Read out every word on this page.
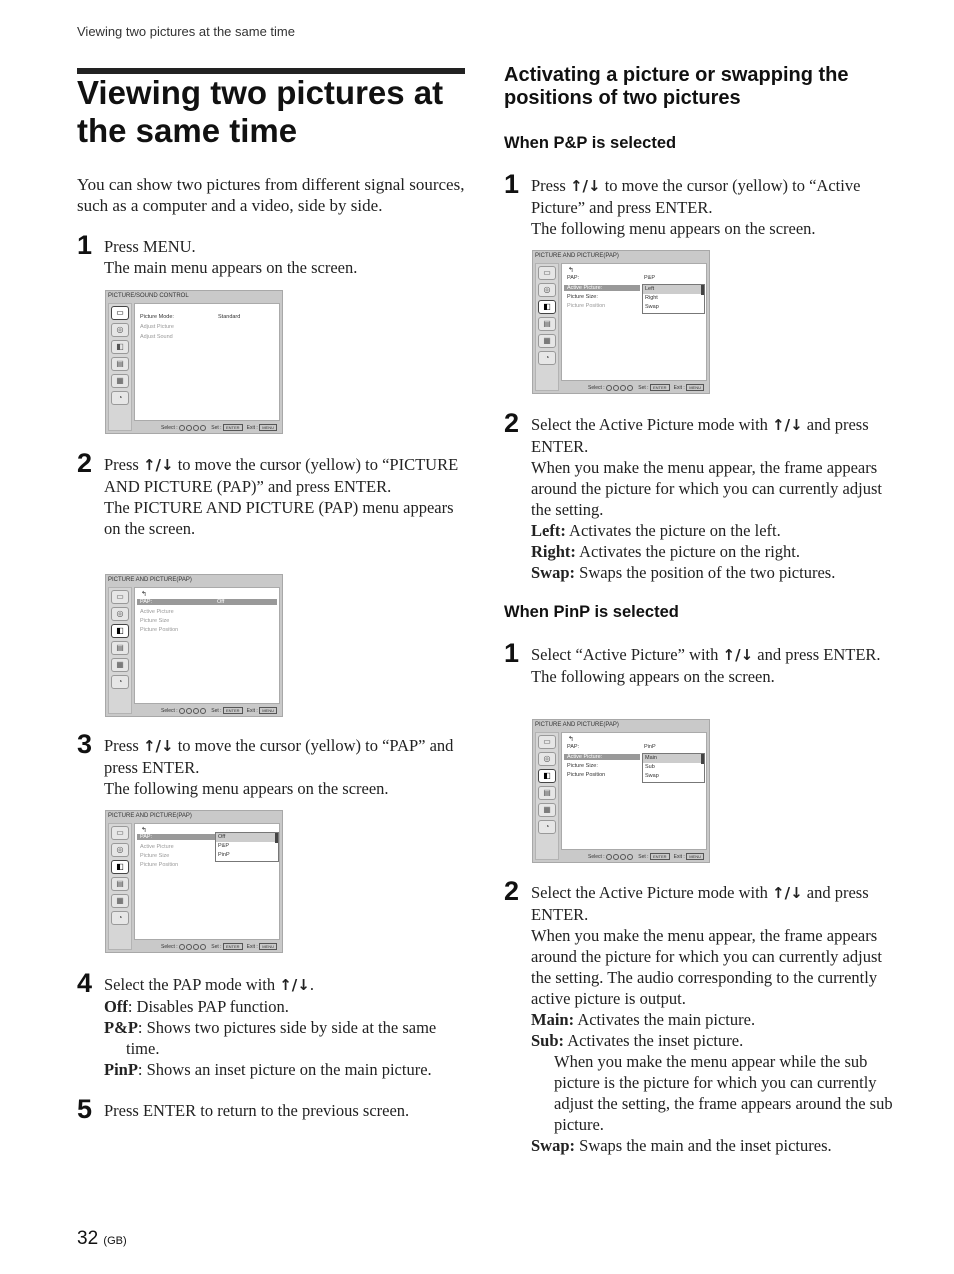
Viewing two pictures at the same time
Viewing two pictures at the same time

You can show two pictures from different signal sources, such as a computer and a video, side by side.

1 Press MENU.

The main menu appears on the screen.

PICTURE/SOUND CONTROL
▭
◎
◧
▤
▦
◔
Picture Mode:	Standard
Adjust Picture
Adjust Sound
Select :	Set : ENTER Exit : MENU
2 Press ↑/↓ to move the cursor (yellow) to “PICTURE AND PICTURE (PAP)” and press ENTER.

The PICTURE AND PICTURE (PAP) menu appears on the screen.

PICTURE AND PICTURE(PAP)
▭
◎
◧
▤
▦
◔
↰
PAP:	Off
Active Picture
Picture Size
Picture Position
Select :	Set : ENTER Exit : MENU
3 Press ↑/↓ to move the cursor (yellow) to “PAP” and press ENTER.

The following menu appears on the screen.

PICTURE AND PICTURE(PAP)
▭
◎
◧
▤
▦
◔
↰
PAP:
Active Picture
Picture Size
Picture Position
Off
P&P
PinP
Select :	Set : ENTER Exit : MENU
4 Select the PAP mode with ↑/↓.

Off: Disables PAP function.

P&P: Shows two pictures side by side at the same time.

PinP: Shows an inset picture on the main picture.

5 Press ENTER to return to the previous screen.

Activating a picture or swapping the positions of two pictures
When P&P is selected
1 Press ↑/↓ to move the cursor (yellow) to “Active Picture” and press ENTER.

The following menu appears on the screen.

PICTURE AND PICTURE(PAP)
▭
◎
◧
▤
▦
◔
↰
PAP:	P&P
Active Picture:
Picture Size:
Picture Position
Left
Right
Swap
Select :	Set : ENTER Exit : MENU
2 Select the Active Picture mode with ↑/↓ and press ENTER.

When you make the menu appear, the frame appears around the picture for which you can currently adjust the setting.

Left: Activates the picture on the left.

Right: Activates the picture on the right.

Swap: Swaps the position of the two pictures.

When PinP is selected
1 Select “Active Picture” with ↑/↓ and press ENTER.

The following appears on the screen.

PICTURE AND PICTURE(PAP)
▭
◎
◧
▤
▦
◔
↰
PAP:	PinP
Active Picture:
Picture Size:
Picture Position
Main
Sub
Swap
Select :	Set : ENTER Exit : MENU
2 Select the Active Picture mode with ↑/↓ and press ENTER.

When you make the menu appear, the frame appears around the picture for which you can currently adjust the setting. The audio corresponding to the currently active picture is output.

Main: Activates the main picture.

Sub: Activates the inset picture.

When you make the menu appear while the sub picture is the picture for which you can currently adjust the setting, the frame appears around the sub picture.

Swap: Swaps the main and the inset pictures.

32 (GB)
